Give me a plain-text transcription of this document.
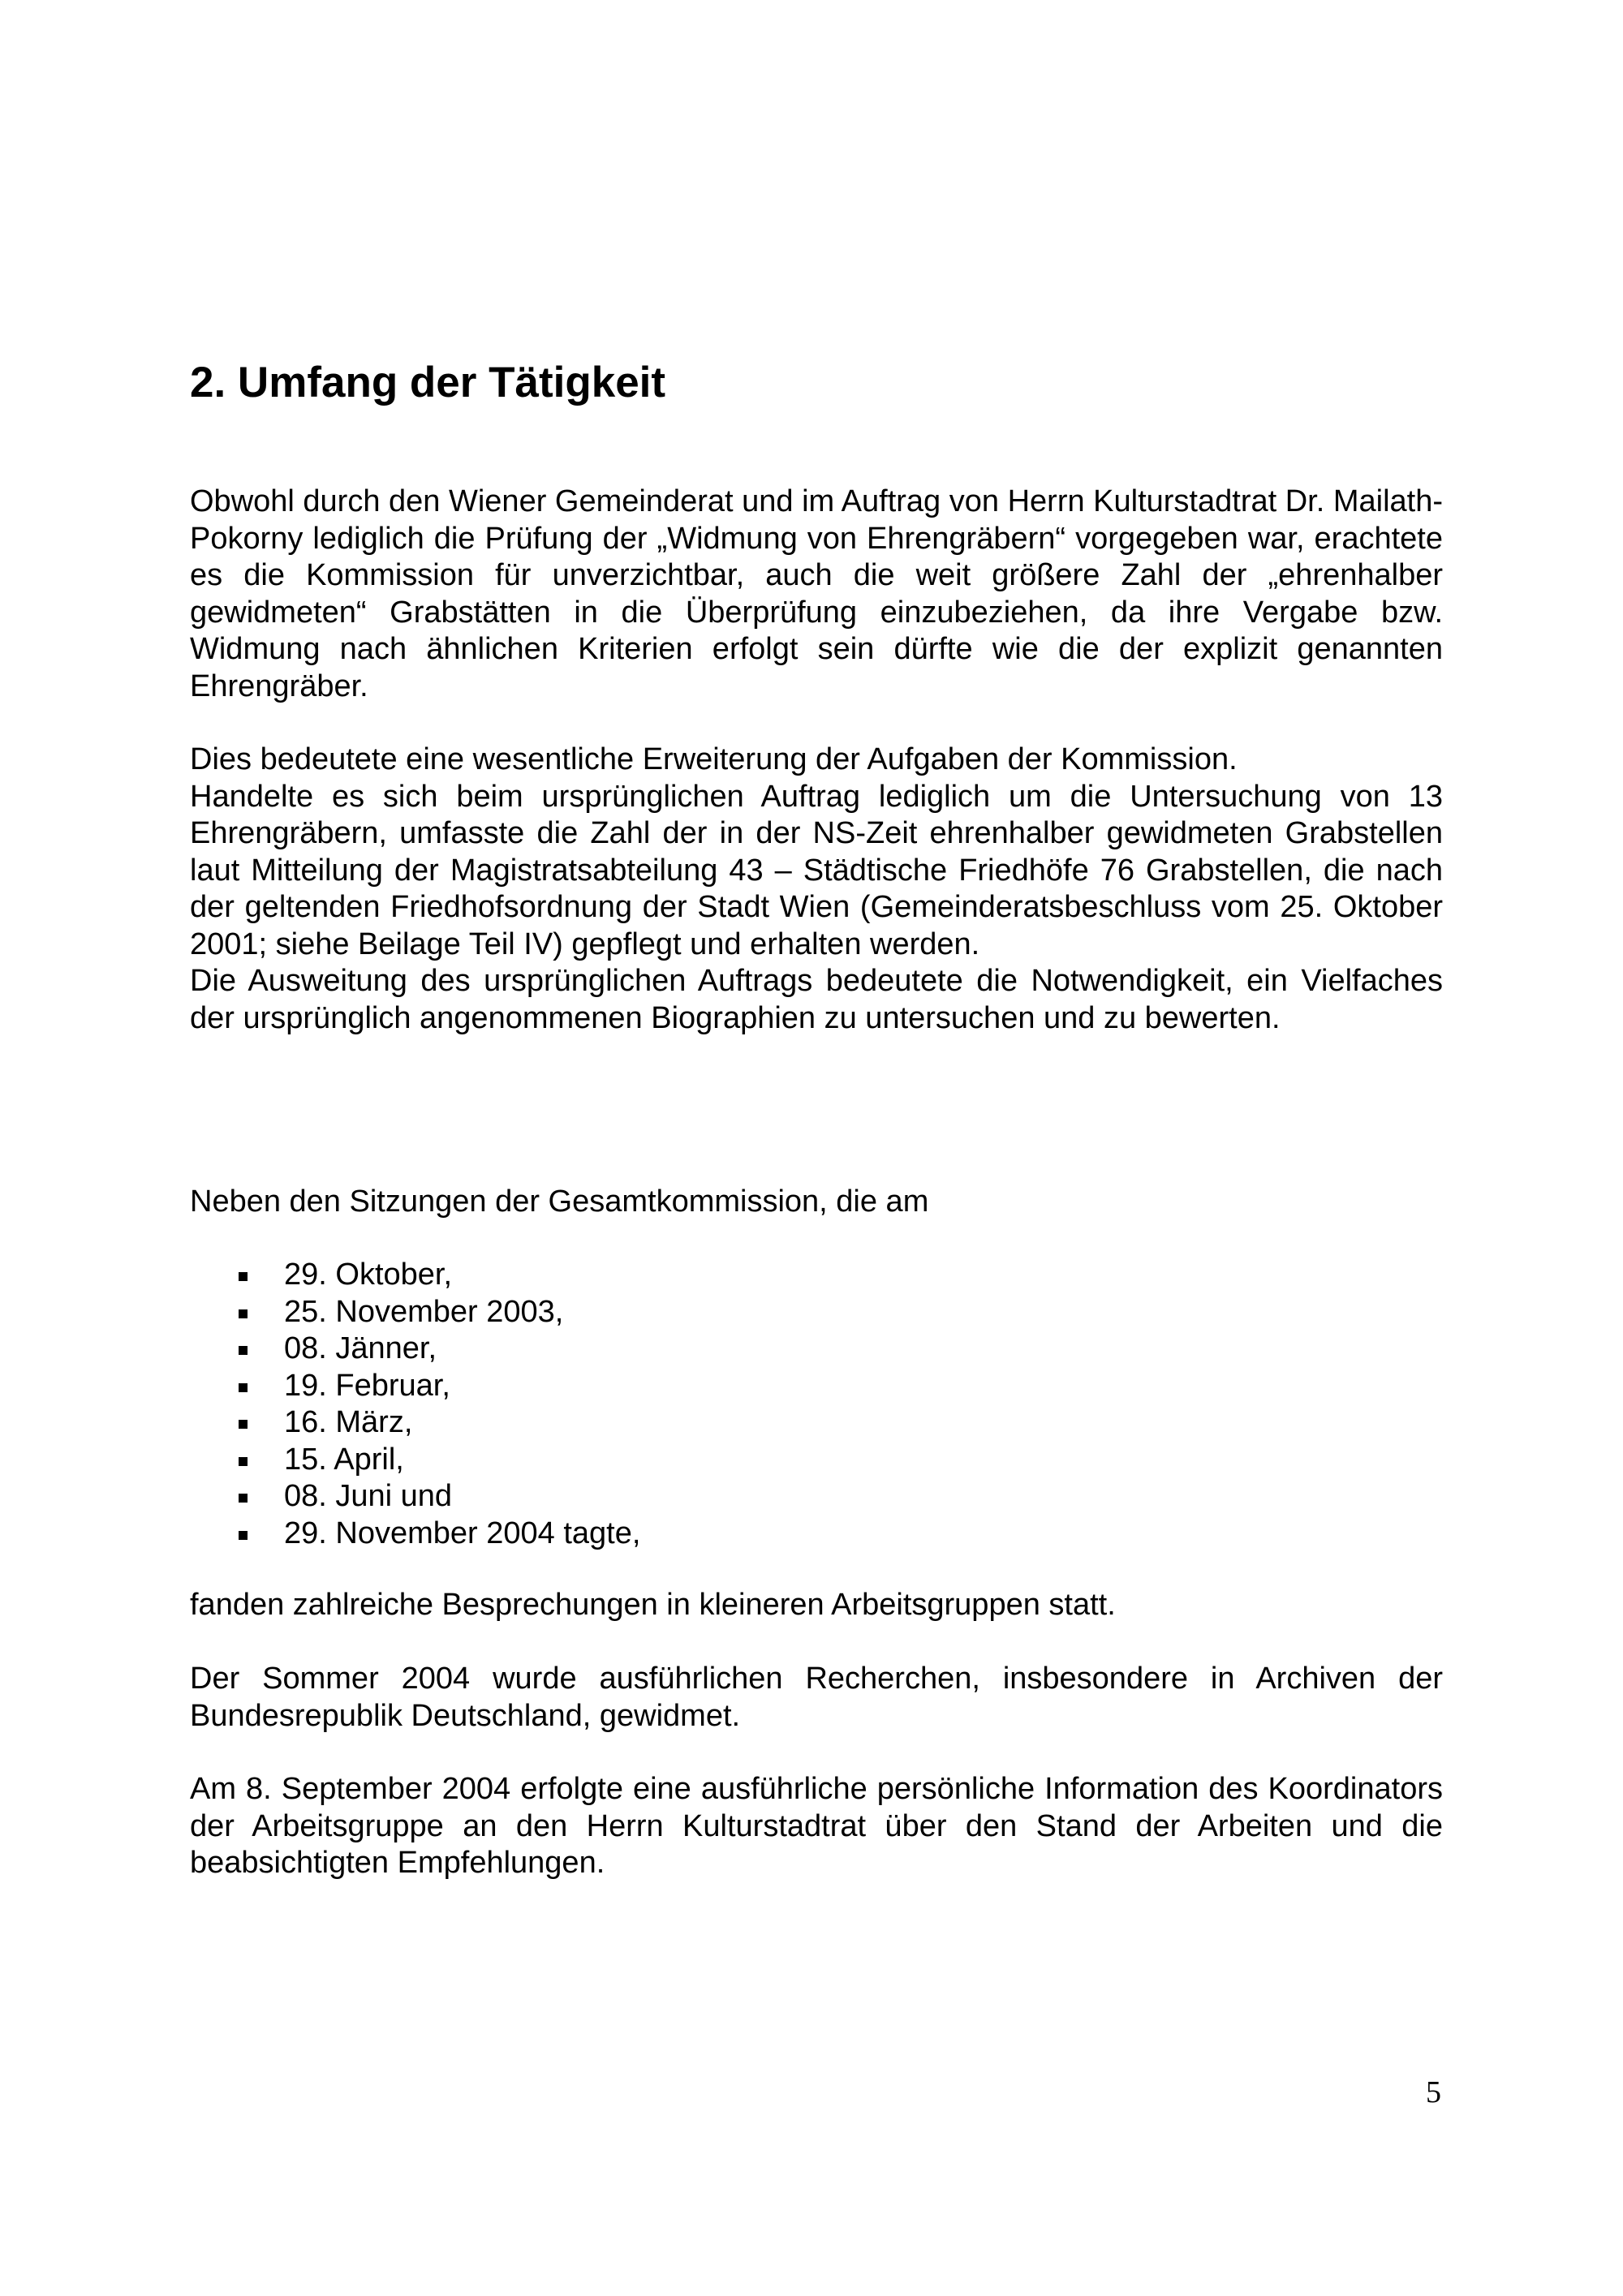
2. Umfang der Tätigkeit

Obwohl durch den Wiener Gemeinderat und im Auftrag von Herrn Kulturstadtrat Dr. Mailath-Pokorny lediglich die Prüfung der „Widmung von Ehrengräbern“ vorgegeben war, erachtete es die Kommission für unverzichtbar, auch die weit größere Zahl der „ehrenhalber gewidmeten“ Grabstätten in die Überprüfung einzubeziehen, da ihre Vergabe bzw. Widmung nach ähnlichen Kriterien erfolgt sein dürfte wie die der explizit genannten Ehrengräber.

Dies bedeutete eine wesentliche Erweiterung der Aufgaben der Kommission.
Handelte es sich beim ursprünglichen Auftrag lediglich um die Untersuchung von 13 Ehrengräbern, umfasste die Zahl der in der NS-Zeit ehrenhalber gewidmeten Grabstellen laut Mitteilung der Magistratsabteilung 43 – Städtische Friedhöfe 76 Grabstellen, die nach der geltenden Friedhofsordnung der Stadt Wien (Gemeinderatsbeschluss vom 25. Oktober 2001; siehe Beilage Teil IV) gepflegt und erhalten werden.
Die Ausweitung des ursprünglichen Auftrags bedeutete die Notwendigkeit, ein Vielfaches der ursprünglich angenommenen Biographien zu untersuchen und zu bewerten.

Neben den Sitzungen der Gesamtkommission, die am

29. Oktober,
25. November 2003,
08. Jänner,
19. Februar,
16. März,
15. April,
08. Juni und
29. November 2004 tagte,

fanden zahlreiche Besprechungen in kleineren Arbeitsgruppen statt.

Der Sommer 2004 wurde ausführlichen Recherchen, insbesondere in Archiven der Bundesrepublik Deutschland, gewidmet.

Am 8. September 2004 erfolgte eine ausführliche persönliche Information des Koordinators der Arbeitsgruppe an den Herrn Kulturstadtrat über den Stand der Arbeiten und die beabsichtigten Empfehlungen.

5
